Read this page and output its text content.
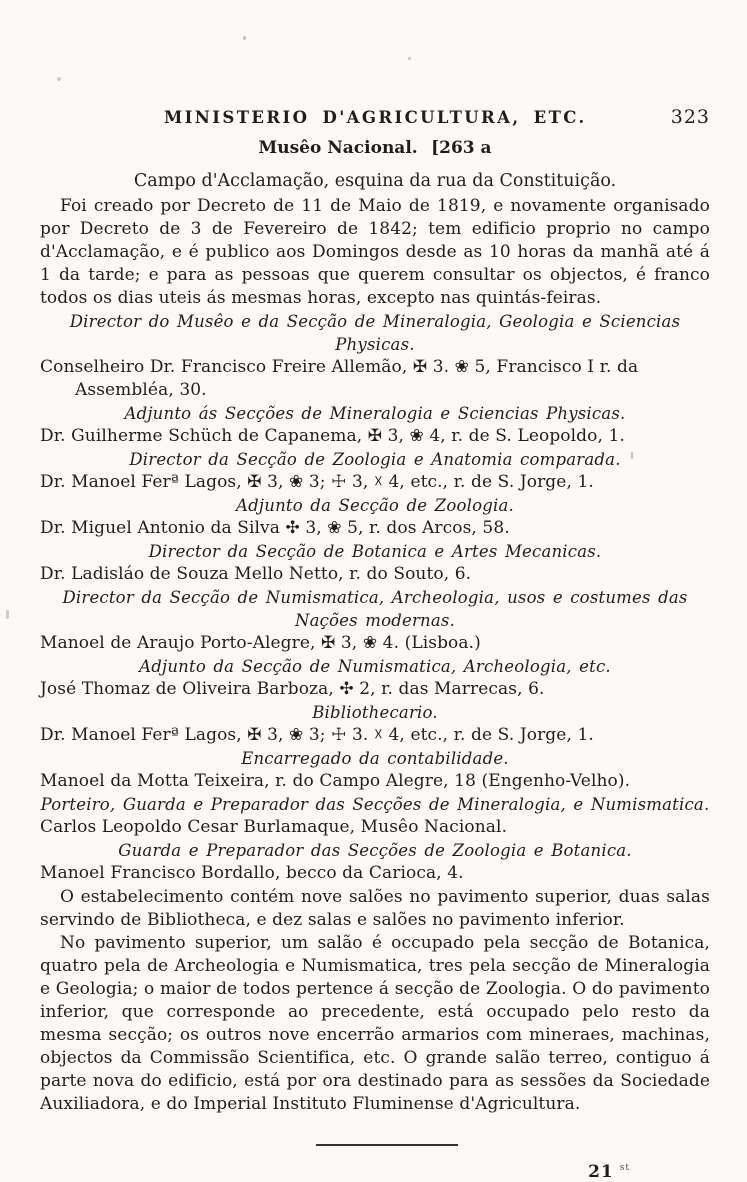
MINISTERIO D'AGRICULTURA, ETC.	323
Musêo Nacional. [263 a

Campo d'Acclamação, esquina da rua da Constituição.

Foi creado por Decreto de 11 de Maio de 1819, e novamente organisado por Decreto de 3 de Fevereiro de 1842; tem edificio proprio no campo d'Acclamação, e é publico aos Domingos desde as 10 horas da manhã até á 1 da tarde; e para as pessoas que querem consultar os objectos, é franco todos os dias uteis ás mesmas horas, excepto nas quintás-feiras.

Director do Musêo e da Secção de Mineralogia, Geologia e Sciencias Physicas.

Conselheiro Dr. Francisco Freire Allemão, ✠ 3. ❀ 5, Francisco I r. da Assembléa, 30.

Adjunto ás Secções de Mineralogia e Sciencias Physicas.

Dr. Guilherme Schüch de Capanema, ✠ 3, ❀ 4, r. de S. Leopoldo, 1.

Director da Secção de Zoologia e Anatomia comparada.

Dr. Manoel Ferª Lagos, ✠ 3, ❀ 3; ☩ 3, ☓ 4, etc., r. de S. Jorge, 1.

Adjunto da Secção de Zoologia.

Dr. Miguel Antonio da Silva ✣ 3, ❀ 5, r. dos Arcos, 58.

Director da Secção de Botanica e Artes Mecanicas.

Dr. Ladisláo de Souza Mello Netto, r. do Souto, 6.

Director da Secção de Numismatica, Archeologia, usos e costumes das Nações modernas.

Manoel de Araujo Porto-Alegre, ✠ 3, ❀ 4. (Lisboa.)

Adjunto da Secção de Numismatica, Archeologia, etc.

José Thomaz de Oliveira Barboza, ✣ 2, r. das Marrecas, 6.

Bibliothecario.

Dr. Manoel Ferª Lagos, ✠ 3, ❀ 3; ☩ 3. ☓ 4, etc., r. de S. Jorge, 1.

Encarregado da contabilidade.

Manoel da Motta Teixeira, r. do Campo Alegre, 18 (Engenho-Velho).

Porteiro, Guarda e Preparador das Secções de Mineralogia, e Numismatica.

Carlos Leopoldo Cesar Burlamaque, Musêo Nacional.

Guarda e Preparador das Secções de Zoologia e Botanica.

Manoel Francisco Bordallo, becco da Carioca, 4.

O estabelecimento contém nove salões no pavimento superior, duas salas servindo de Bibliotheca, e dez salas e salões no pavimento inferior.

No pavimento superior, um salão é occupado pela secção de Botanica, quatro pela de Archeologia e Numismatica, tres pela secção de Mineralogia e Geologia; o maior de todos pertence á secção de Zoologia. O do pavimento inferior, que corresponde ao precedente, está occupado pelo resto da mesma secção; os outros nove encerrão armarios com mineraes, machinas, objectos da Commissão Scientifica, etc. O grande salão terreo, contiguo á parte nova do edificio, está por ora destinado para as sessões da Sociedade Auxiliadora, e do Imperial Instituto Fluminense d'Agricultura.

21 $^{st}$
